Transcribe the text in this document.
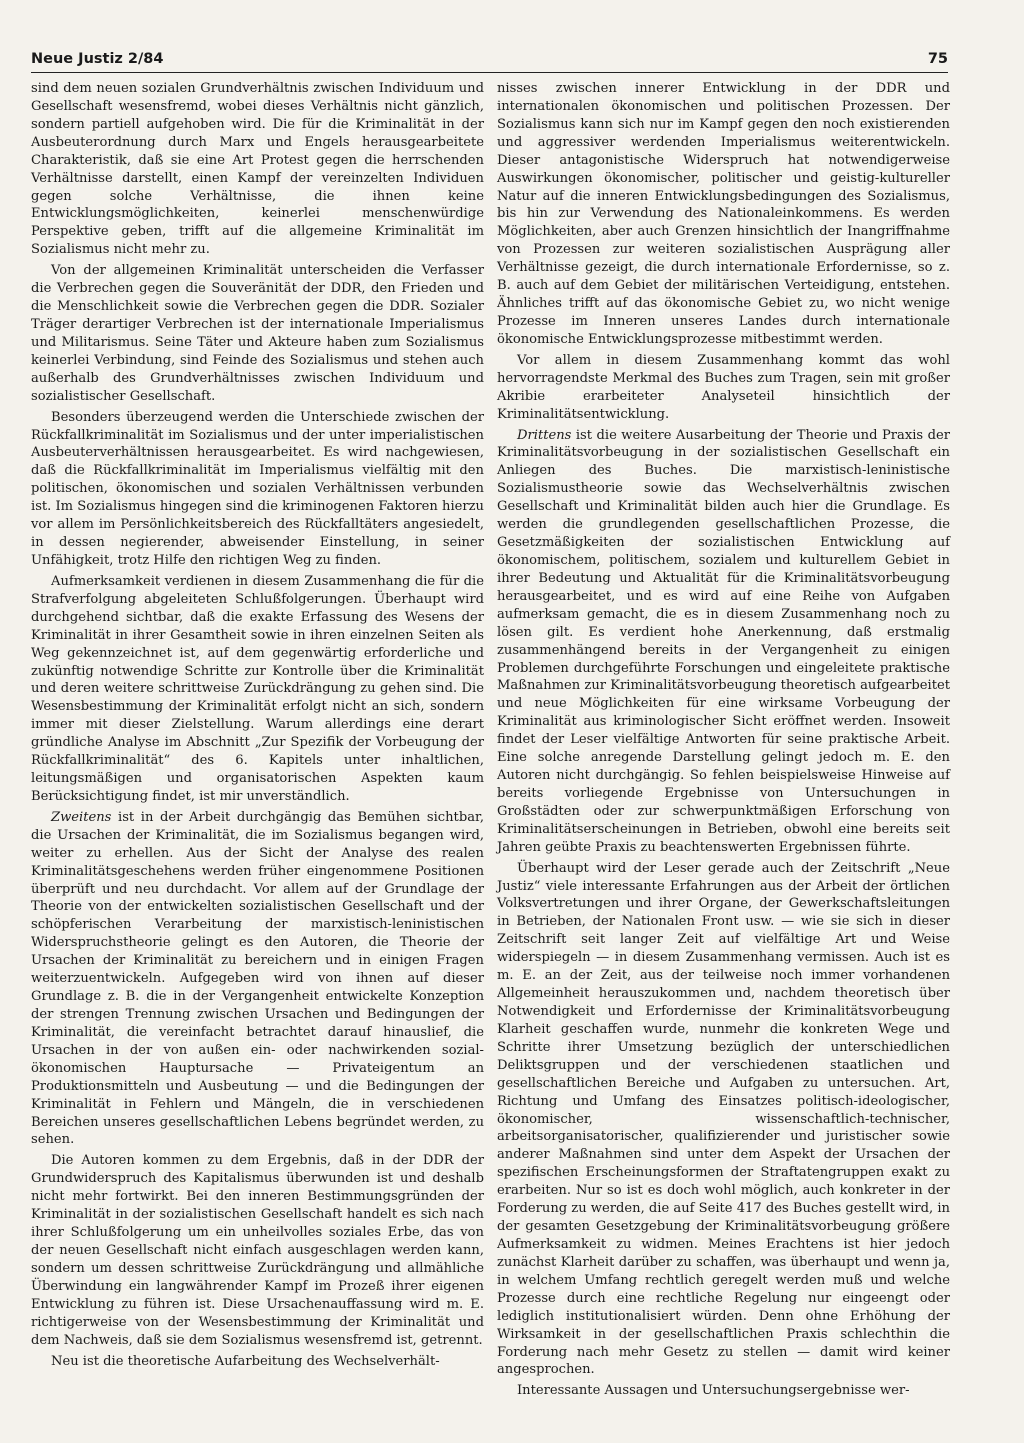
Neue Justiz 2/84	75

sind dem neuen sozialen Grundverhältnis zwischen Individuum und Gesellschaft wesensfremd, wobei dieses Verhältnis nicht gänzlich, sondern partiell aufgehoben wird. Die für die Kriminalität in der Ausbeuterordnung durch Marx und Engels herausgearbeitete Charakteristik, daß sie eine Art Protest gegen die herrschenden Verhältnisse darstellt, einen Kampf der vereinzelten Individuen gegen solche Verhältnisse, die ihnen keine Entwicklungsmöglichkeiten, keinerlei menschenwürdige Perspektive geben, trifft auf die allgemeine Kriminalität im Sozialismus nicht mehr zu.

Von der allgemeinen Kriminalität unterscheiden die Verfasser die Verbrechen gegen die Souveränität der DDR, den Frieden und die Menschlichkeit sowie die Verbrechen gegen die DDR. Sozialer Träger derartiger Verbrechen ist der internationale Imperialismus und Militarismus. Seine Täter und Akteure haben zum Sozialismus keinerlei Verbindung, sind Feinde des Sozialismus und stehen auch außerhalb des Grundverhältnisses zwischen Individuum und sozialistischer Gesellschaft.

Besonders überzeugend werden die Unterschiede zwischen der Rückfallkriminalität im Sozialismus und der unter imperialistischen Ausbeuterverhältnissen herausgearbeitet. Es wird nachgewiesen, daß die Rückfallkriminalität im Imperialismus vielfältig mit den politischen, ökonomischen und sozialen Verhältnissen verbunden ist. Im Sozialismus hingegen sind die kriminogenen Faktoren hierzu vor allem im Persönlichkeitsbereich des Rückfalltäters angesiedelt, in dessen negierender, abweisender Einstellung, in seiner Unfähigkeit, trotz Hilfe den richtigen Weg zu finden.

Aufmerksamkeit verdienen in diesem Zusammenhang die für die Strafverfolgung abgeleiteten Schlußfolgerungen. Überhaupt wird durchgehend sichtbar, daß die exakte Erfassung des Wesens der Kriminalität in ihrer Gesamtheit sowie in ihren einzelnen Seiten als Weg gekennzeichnet ist, auf dem gegenwärtig erforderliche und zukünftig notwendige Schritte zur Kontrolle über die Kriminalität und deren weitere schrittweise Zurückdrängung zu gehen sind. Die Wesensbestimmung der Kriminalität erfolgt nicht an sich, sondern immer mit dieser Zielstellung. Warum allerdings eine derart gründliche Analyse im Abschnitt „Zur Spezifik der Vorbeugung der Rückfallkriminalität“ des 6. Kapitels unter inhaltlichen, leitungsmäßigen und organisatorischen Aspekten kaum Berücksichtigung findet, ist mir unverständlich.

Zweitens ist in der Arbeit durchgängig das Bemühen sichtbar, die Ursachen der Kriminalität, die im Sozialismus begangen wird, weiter zu erhellen. Aus der Sicht der Analyse des realen Kriminalitätsgeschehens werden früher eingenommene Positionen überprüft und neu durchdacht. Vor allem auf der Grundlage der Theorie von der entwickelten sozialistischen Gesellschaft und der schöpferischen Verarbeitung der marxistisch-leninistischen Widerspruchstheorie gelingt es den Autoren, die Theorie der Ursachen der Kriminalität zu bereichern und in einigen Fragen weiterzuentwickeln. Aufgegeben wird von ihnen auf dieser Grundlage z. B. die in der Vergangenheit entwickelte Konzeption der strengen Trennung zwischen Ursachen und Bedingungen der Kriminalität, die vereinfacht betrachtet darauf hinauslief, die Ursachen in der von außen ein- oder nachwirkenden sozial-ökonomischen Hauptursache — Privateigentum an Produktionsmitteln und Ausbeutung — und die Bedingungen der Kriminalität in Fehlern und Mängeln, die in verschiedenen Bereichen unseres gesellschaftlichen Lebens begründet werden, zu sehen.

Die Autoren kommen zu dem Ergebnis, daß in der DDR der Grundwiderspruch des Kapitalismus überwunden ist und deshalb nicht mehr fortwirkt. Bei den inneren Bestimmungsgründen der Kriminalität in der sozialistischen Gesellschaft handelt es sich nach ihrer Schlußfolgerung um ein unheilvolles soziales Erbe, das von der neuen Gesellschaft nicht einfach ausgeschlagen werden kann, sondern um dessen schrittweise Zurückdrängung und allmähliche Überwindung ein langwährender Kampf im Prozeß ihrer eigenen Entwicklung zu führen ist. Diese Ursachenauffassung wird m. E. richtigerweise von der Wesensbestimmung der Kriminalität und dem Nachweis, daß sie dem Sozialismus wesensfremd ist, getrennt.

Neu ist die theoretische Aufarbeitung des Wechselverhält-

nisses zwischen innerer Entwicklung in der DDR und internationalen ökonomischen und politischen Prozessen. Der Sozialismus kann sich nur im Kampf gegen den noch existierenden und aggressiver werdenden Imperialismus weiterentwickeln. Dieser antagonistische Widerspruch hat notwendigerweise Auswirkungen ökonomischer, politischer und geistig-kultureller Natur auf die inneren Entwicklungsbedingungen des Sozialismus, bis hin zur Verwendung des Nationaleinkommens. Es werden Möglichkeiten, aber auch Grenzen hinsichtlich der Inangriffnahme von Prozessen zur weiteren sozialistischen Ausprägung aller Verhältnisse gezeigt, die durch internationale Erfordernisse, so z. B. auch auf dem Gebiet der militärischen Verteidigung, entstehen. Ähnliches trifft auf das ökonomische Gebiet zu, wo nicht wenige Prozesse im Inneren unseres Landes durch internationale ökonomische Entwicklungsprozesse mitbestimmt werden.

Vor allem in diesem Zusammenhang kommt das wohl hervorragendste Merkmal des Buches zum Tragen, sein mit großer Akribie erarbeiteter Analyseteil hinsichtlich der Kriminalitätsentwicklung.

Drittens ist die weitere Ausarbeitung der Theorie und Praxis der Kriminalitätsvorbeugung in der sozialistischen Gesellschaft ein Anliegen des Buches. Die marxistisch-leninistische Sozialismustheorie sowie das Wechselverhältnis zwischen Gesellschaft und Kriminalität bilden auch hier die Grundlage. Es werden die grundlegenden gesellschaftlichen Prozesse, die Gesetzmäßigkeiten der sozialistischen Entwicklung auf ökonomischem, politischem, sozialem und kulturellem Gebiet in ihrer Bedeutung und Aktualität für die Kriminalitätsvorbeugung herausgearbeitet, und es wird auf eine Reihe von Aufgaben aufmerksam gemacht, die es in diesem Zusammenhang noch zu lösen gilt. Es verdient hohe Anerkennung, daß erstmalig zusammenhängend bereits in der Vergangenheit zu einigen Problemen durchgeführte Forschungen und eingeleitete praktische Maßnahmen zur Kriminalitätsvorbeugung theoretisch aufgearbeitet und neue Möglichkeiten für eine wirksame Vorbeugung der Kriminalität aus kriminologischer Sicht eröffnet werden. Insoweit findet der Leser vielfältige Antworten für seine praktische Arbeit. Eine solche anregende Darstellung gelingt jedoch m. E. den Autoren nicht durchgängig. So fehlen beispielsweise Hinweise auf bereits vorliegende Ergebnisse von Untersuchungen in Großstädten oder zur schwerpunktmäßigen Erforschung von Kriminalitätserscheinungen in Betrieben, obwohl eine bereits seit Jahren geübte Praxis zu beachtenswerten Ergebnissen führte.

Überhaupt wird der Leser gerade auch der Zeitschrift „Neue Justiz“ viele interessante Erfahrungen aus der Arbeit der örtlichen Volksvertretungen und ihrer Organe, der Gewerkschaftsleitungen in Betrieben, der Nationalen Front usw. — wie sie sich in dieser Zeitschrift seit langer Zeit auf vielfältige Art und Weise widerspiegeln — in diesem Zusammenhang vermissen. Auch ist es m. E. an der Zeit, aus der teilweise noch immer vorhandenen Allgemeinheit herauszukommen und, nachdem theoretisch über Notwendigkeit und Erfordernisse der Kriminalitätsvorbeugung Klarheit geschaffen wurde, nunmehr die konkreten Wege und Schritte ihrer Umsetzung bezüglich der unterschiedlichen Deliktsgruppen und der verschiedenen staatlichen und gesellschaftlichen Bereiche und Aufgaben zu untersuchen. Art, Richtung und Umfang des Einsatzes politisch-ideologischer, ökonomischer, wissenschaftlich-technischer, arbeitsorganisatorischer, qualifizierender und juristischer sowie anderer Maßnahmen sind unter dem Aspekt der Ursachen der spezifischen Erscheinungsformen der Straftatengruppen exakt zu erarbeiten. Nur so ist es doch wohl möglich, auch konkreter in der Forderung zu werden, die auf Seite 417 des Buches gestellt wird, in der gesamten Gesetzgebung der Kriminalitätsvorbeugung größere Aufmerksamkeit zu widmen. Meines Erachtens ist hier jedoch zunächst Klarheit darüber zu schaffen, was überhaupt und wenn ja, in welchem Umfang rechtlich geregelt werden muß und welche Prozesse durch eine rechtliche Regelung nur eingeengt oder lediglich institutionalisiert würden. Denn ohne Erhöhung der Wirksamkeit in der gesellschaftlichen Praxis schlechthin die Forderung nach mehr Gesetz zu stellen — damit wird keiner angesprochen.

Interessante Aussagen und Untersuchungsergebnisse wer-
